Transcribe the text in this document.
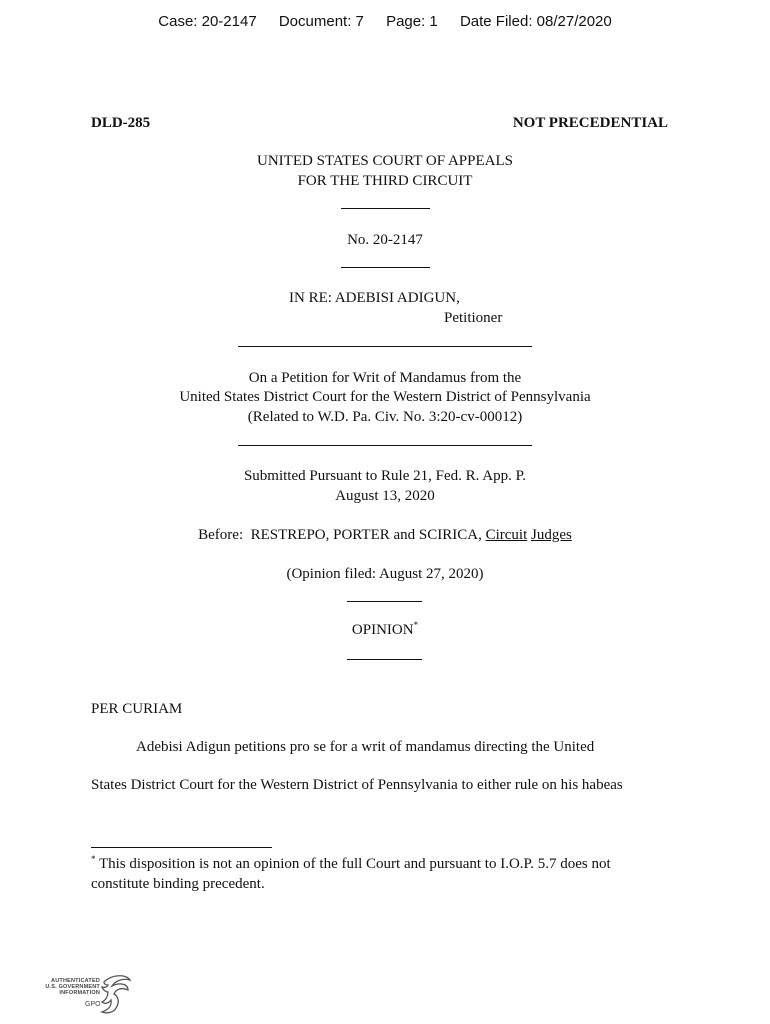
Case: 20-2147 Document: 7 Page: 1 Date Filed: 08/27/2020
DLD-285	NOT PRECEDENTIAL
UNITED STATES COURT OF APPEALS
FOR THE THIRD CIRCUIT
No. 20-2147
IN RE: ADEBISI ADIGUN,
Petitioner
On a Petition for Writ of Mandamus from the
United States District Court for the Western District of Pennsylvania
(Related to W.D. Pa. Civ. No. 3:20-cv-00012)
Submitted Pursuant to Rule 21, Fed. R. App. P.
August 13, 2020
Before:  RESTREPO, PORTER and SCIRICA, Circuit Judges
(Opinion filed: August 27, 2020)
OPINION*
PER CURIAM
Adebisi Adigun petitions pro se for a writ of mandamus directing the United
States District Court for the Western District of Pennsylvania to either rule on his habeas
* This disposition is not an opinion of the full Court and pursuant to I.O.P. 5.7 does not
constitute binding precedent.
AUTHENTICATED
U.S. GOVERNMENT
INFORMATION
GPO
